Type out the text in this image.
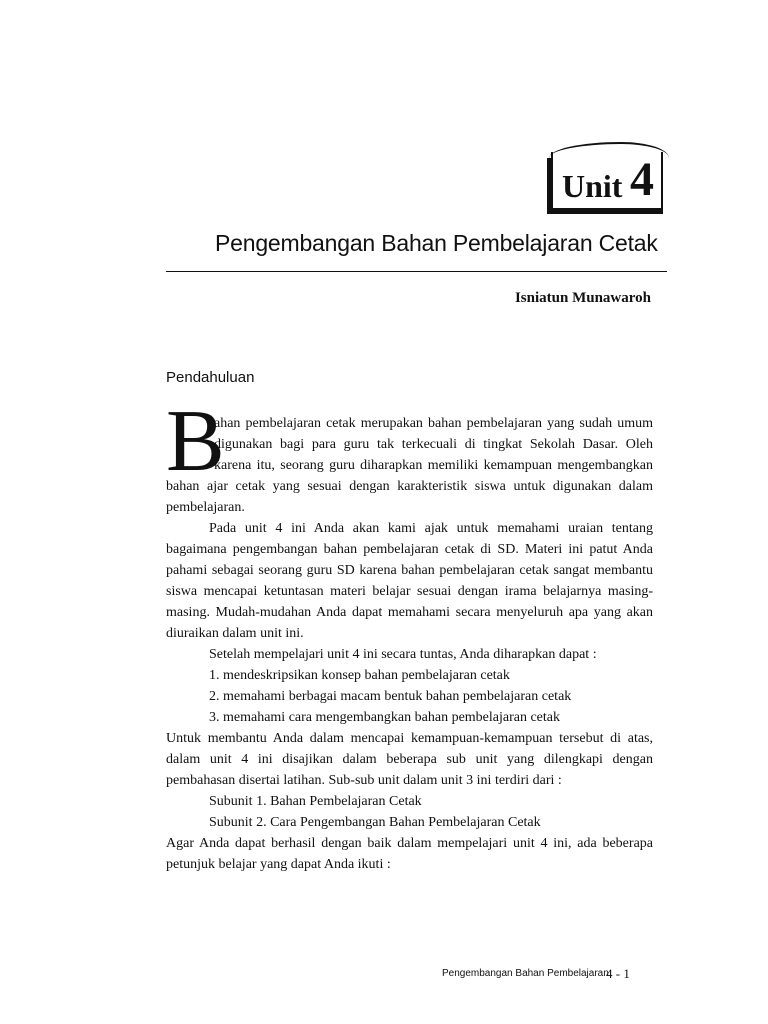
Unit 4
Pengembangan Bahan Pembelajaran Cetak
Isniatun Munawaroh
Pendahuluan
B
ahan pembelajaran cetak merupakan bahan pembelajaran yang sudah umum
digunakan bagi para guru tak terkecuali di tingkat Sekolah Dasar. Oleh
karena itu, seorang guru diharapkan memiliki kemampuan mengembangkan
bahan ajar cetak yang sesuai dengan karakteristik siswa untuk digunakan dalam
pembelajaran.
Pada unit 4 ini Anda akan kami ajak untuk memahami uraian tentang
bagaimana pengembangan bahan pembelajaran cetak di SD. Materi ini patut Anda
pahami sebagai seorang guru SD karena bahan pembelajaran cetak sangat membantu
siswa mencapai ketuntasan materi belajar sesuai dengan irama belajarnya masing-
masing. Mudah-mudahan Anda dapat memahami secara menyeluruh apa yang akan
diuraikan dalam unit ini.
Setelah mempelajari unit 4 ini secara tuntas, Anda diharapkan dapat :
1. mendeskripsikan konsep bahan pembelajaran cetak
2. memahami berbagai macam bentuk bahan pembelajaran cetak
3. memahami cara mengembangkan bahan pembelajaran cetak
Untuk membantu Anda dalam mencapai kemampuan-kemampuan tersebut di atas,
dalam unit 4 ini disajikan dalam beberapa sub unit yang dilengkapi dengan
pembahasan disertai latihan. Sub-sub unit dalam unit 3 ini terdiri dari :
Subunit 1. Bahan Pembelajaran Cetak
Subunit 2. Cara Pengembangan Bahan Pembelajaran Cetak
Agar Anda dapat berhasil dengan baik dalam mempelajari unit 4 ini, ada beberapa
petunjuk belajar yang dapat Anda ikuti :
Pengembangan Bahan Pembelajaran
4 - 1
